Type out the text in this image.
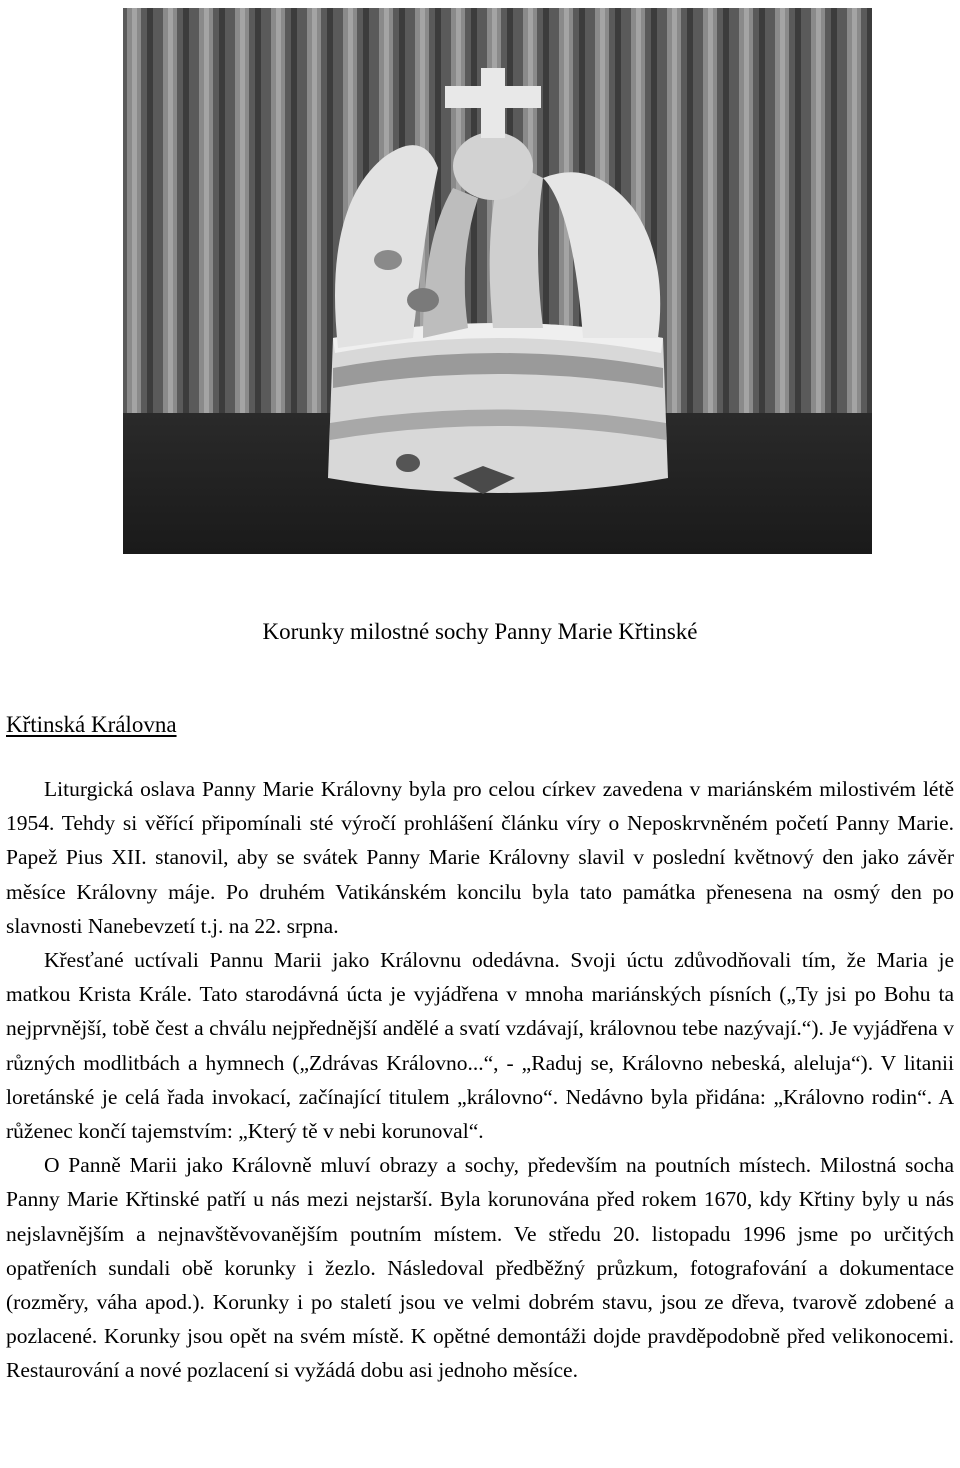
Korunky milostné sochy Panny Marie Křtinské
Křtinská Královna

Liturgická oslava Panny Marie Královny byla pro celou církev zavedena v mariánském milostivém létě 1954. Tehdy si věřící připomínali sté výročí prohlášení článku víry o Neposkrvněném početí Panny Marie. Papež Pius XII. stanovil, aby se svátek Panny Marie Královny slavil v poslední květnový den jako závěr měsíce Královny máje. Po druhém Vatikánském koncilu byla tato památka přenesena na osmý den po slavnosti Nanebevzetí t.j. na 22. srpna.

Křesťané uctívali Pannu Marii jako Královnu odedávna. Svoji úctu zdůvodňovali tím, že Maria je matkou Krista Krále. Tato starodávná úcta je vyjádřena v mnoha mariánských písních („Ty jsi po Bohu ta nejprvnější, tobě čest a chválu nejpřednější andělé a svatí vzdávají, královnou tebe nazývají.“). Je vyjádřena v různých modlitbách a hymnech („Zdrávas Královno...“, - „Raduj se, Královno nebeská, aleluja“). V litanii loretánské je celá řada invokací, začínající titulem „královno“. Nedávno byla přidána: „Královno rodin“. A růženec končí tajemstvím: „Který tě v nebi korunoval“.

O Panně Marii jako Královně mluví obrazy a sochy, především na poutních místech. Milostná socha Panny Marie Křtinské patří u nás mezi nejstarší. Byla korunována před rokem 1670, kdy Křtiny byly u nás nejslavnějším a nejnavštěvovanějším poutním místem. Ve středu 20. listopadu 1996 jsme po určitých opatřeních sundali obě korunky i žezlo. Následoval předběžný průzkum, fotografování a dokumentace (rozměry, váha apod.). Korunky i po staletí jsou ve velmi dobrém stavu, jsou ze dřeva, tvarově zdobené a pozlacené. Korunky jsou opět na svém místě. K opětné demontáži dojde pravděpodobně před velikonocemi. Restaurování a nové pozlacení si vyžádá dobu asi jednoho měsíce.
